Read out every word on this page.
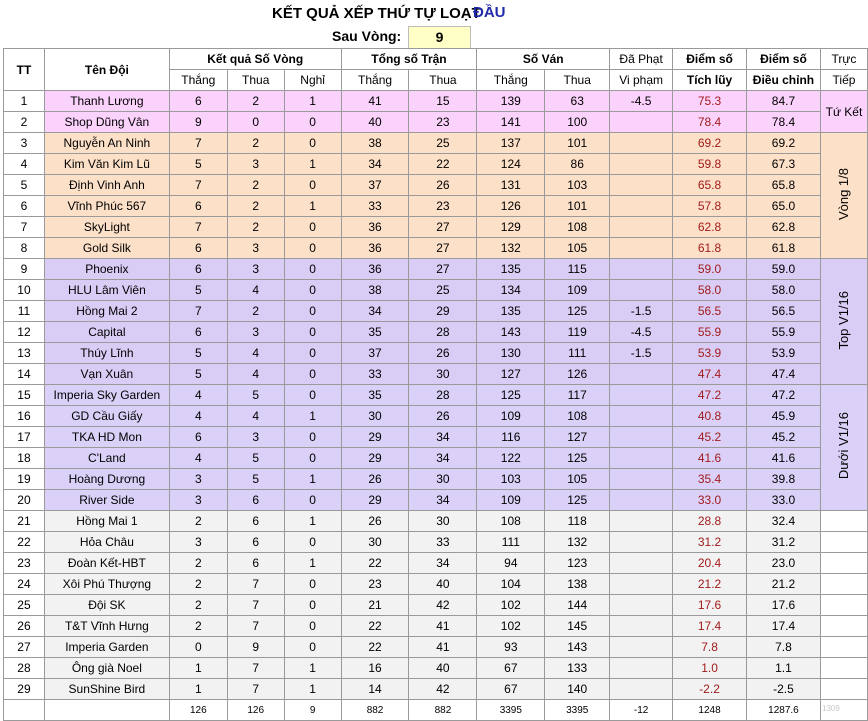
KẾT QUẢ XẾP THỨ TỰ LOẠT
ĐẦU
Sau Vòng:	9
TT	Tên Đội	Kết quả Số Vòng			Tổng số Trận		Số Ván		Đã Phạt	Điểm số	Điểm số	Trực
		Thắng	Thua	Nghỉ	Thắng	Thua	Thắng	Thua	Vi phạm	Tích lũy	Điều chỉnh	Tiếp
1	Thanh Lương	6	2	1	41	15	139	63	-4.5	75.3	84.7	Tứ Kết
2	Shop Dũng Vân	9	0	0	40	23	141	100		78.4	78.4	
3	Nguyễn An Ninh	7	2	0	38	25	137	101		69.2	69.2	Vòng 1/8
4	Kim Văn Kim Lũ	5	3	1	34	22	124	86		59.8	67.3	
5	Định Vinh Anh	7	2	0	37	26	131	103		65.8	65.8	
6	Vĩnh Phúc 567	6	2	1	33	23	126	101		57.8	65.0	
7	SkyLight	7	2	0	36	27	129	108		62.8	62.8	
8	Gold Silk	6	3	0	36	27	132	105		61.8	61.8	
9	Phoenix	6	3	0	36	27	135	115		59.0	59.0	Top V1/16
10	HLU Lâm Viên	5	4	0	38	25	134	109		58.0	58.0	
11	Hồng Mai 2	7	2	0	34	29	135	125	-1.5	56.5	56.5	
12	Capital	6	3	0	35	28	143	119	-4.5	55.9	55.9	
13	Thúy Lĩnh	5	4	0	37	26	130	111	-1.5	53.9	53.9	
14	Vạn Xuân	5	4	0	33	30	127	126		47.4	47.4	
15	Imperia Sky Garden	4	5	0	35	28	125	117		47.2	47.2	Dưới V1/16
16	GD Cầu Giấy	4	4	1	30	26	109	108		40.8	45.9	
17	TKA HD Mon	6	3	0	29	34	116	127		45.2	45.2	
18	C'Land	4	5	0	29	34	122	125		41.6	41.6	
19	Hoàng Dương	3	5	1	26	30	103	105		35.4	39.8	
20	River Side	3	6	0	29	34	109	125		33.0	33.0	
21	Hồng Mai 1	2	6	1	26	30	108	118		28.8	32.4	
22	Hỏa Châu	3	6	0	30	33	111	132		31.2	31.2	
23	Đoàn Kết-HBT	2	6	1	22	34	94	123		20.4	23.0	
24	Xôi Phú Thượng	2	7	0	23	40	104	138		21.2	21.2	
25	Đội SK	2	7	0	21	42	102	144		17.6	17.6	
26	T&T Vĩnh Hưng	2	7	0	22	41	102	145		17.4	17.4	
27	Imperia Garden	0	9	0	22	41	93	143		7.8	7.8	
28	Ông già Noel	1	7	1	16	40	67	133		1.0	1.1	
29	SunShine Bird	1	7	1	14	42	67	140		-2.2	-2.5	
		126	126	9	882	882	3395	3395	-12	1248	1287.6		1309
